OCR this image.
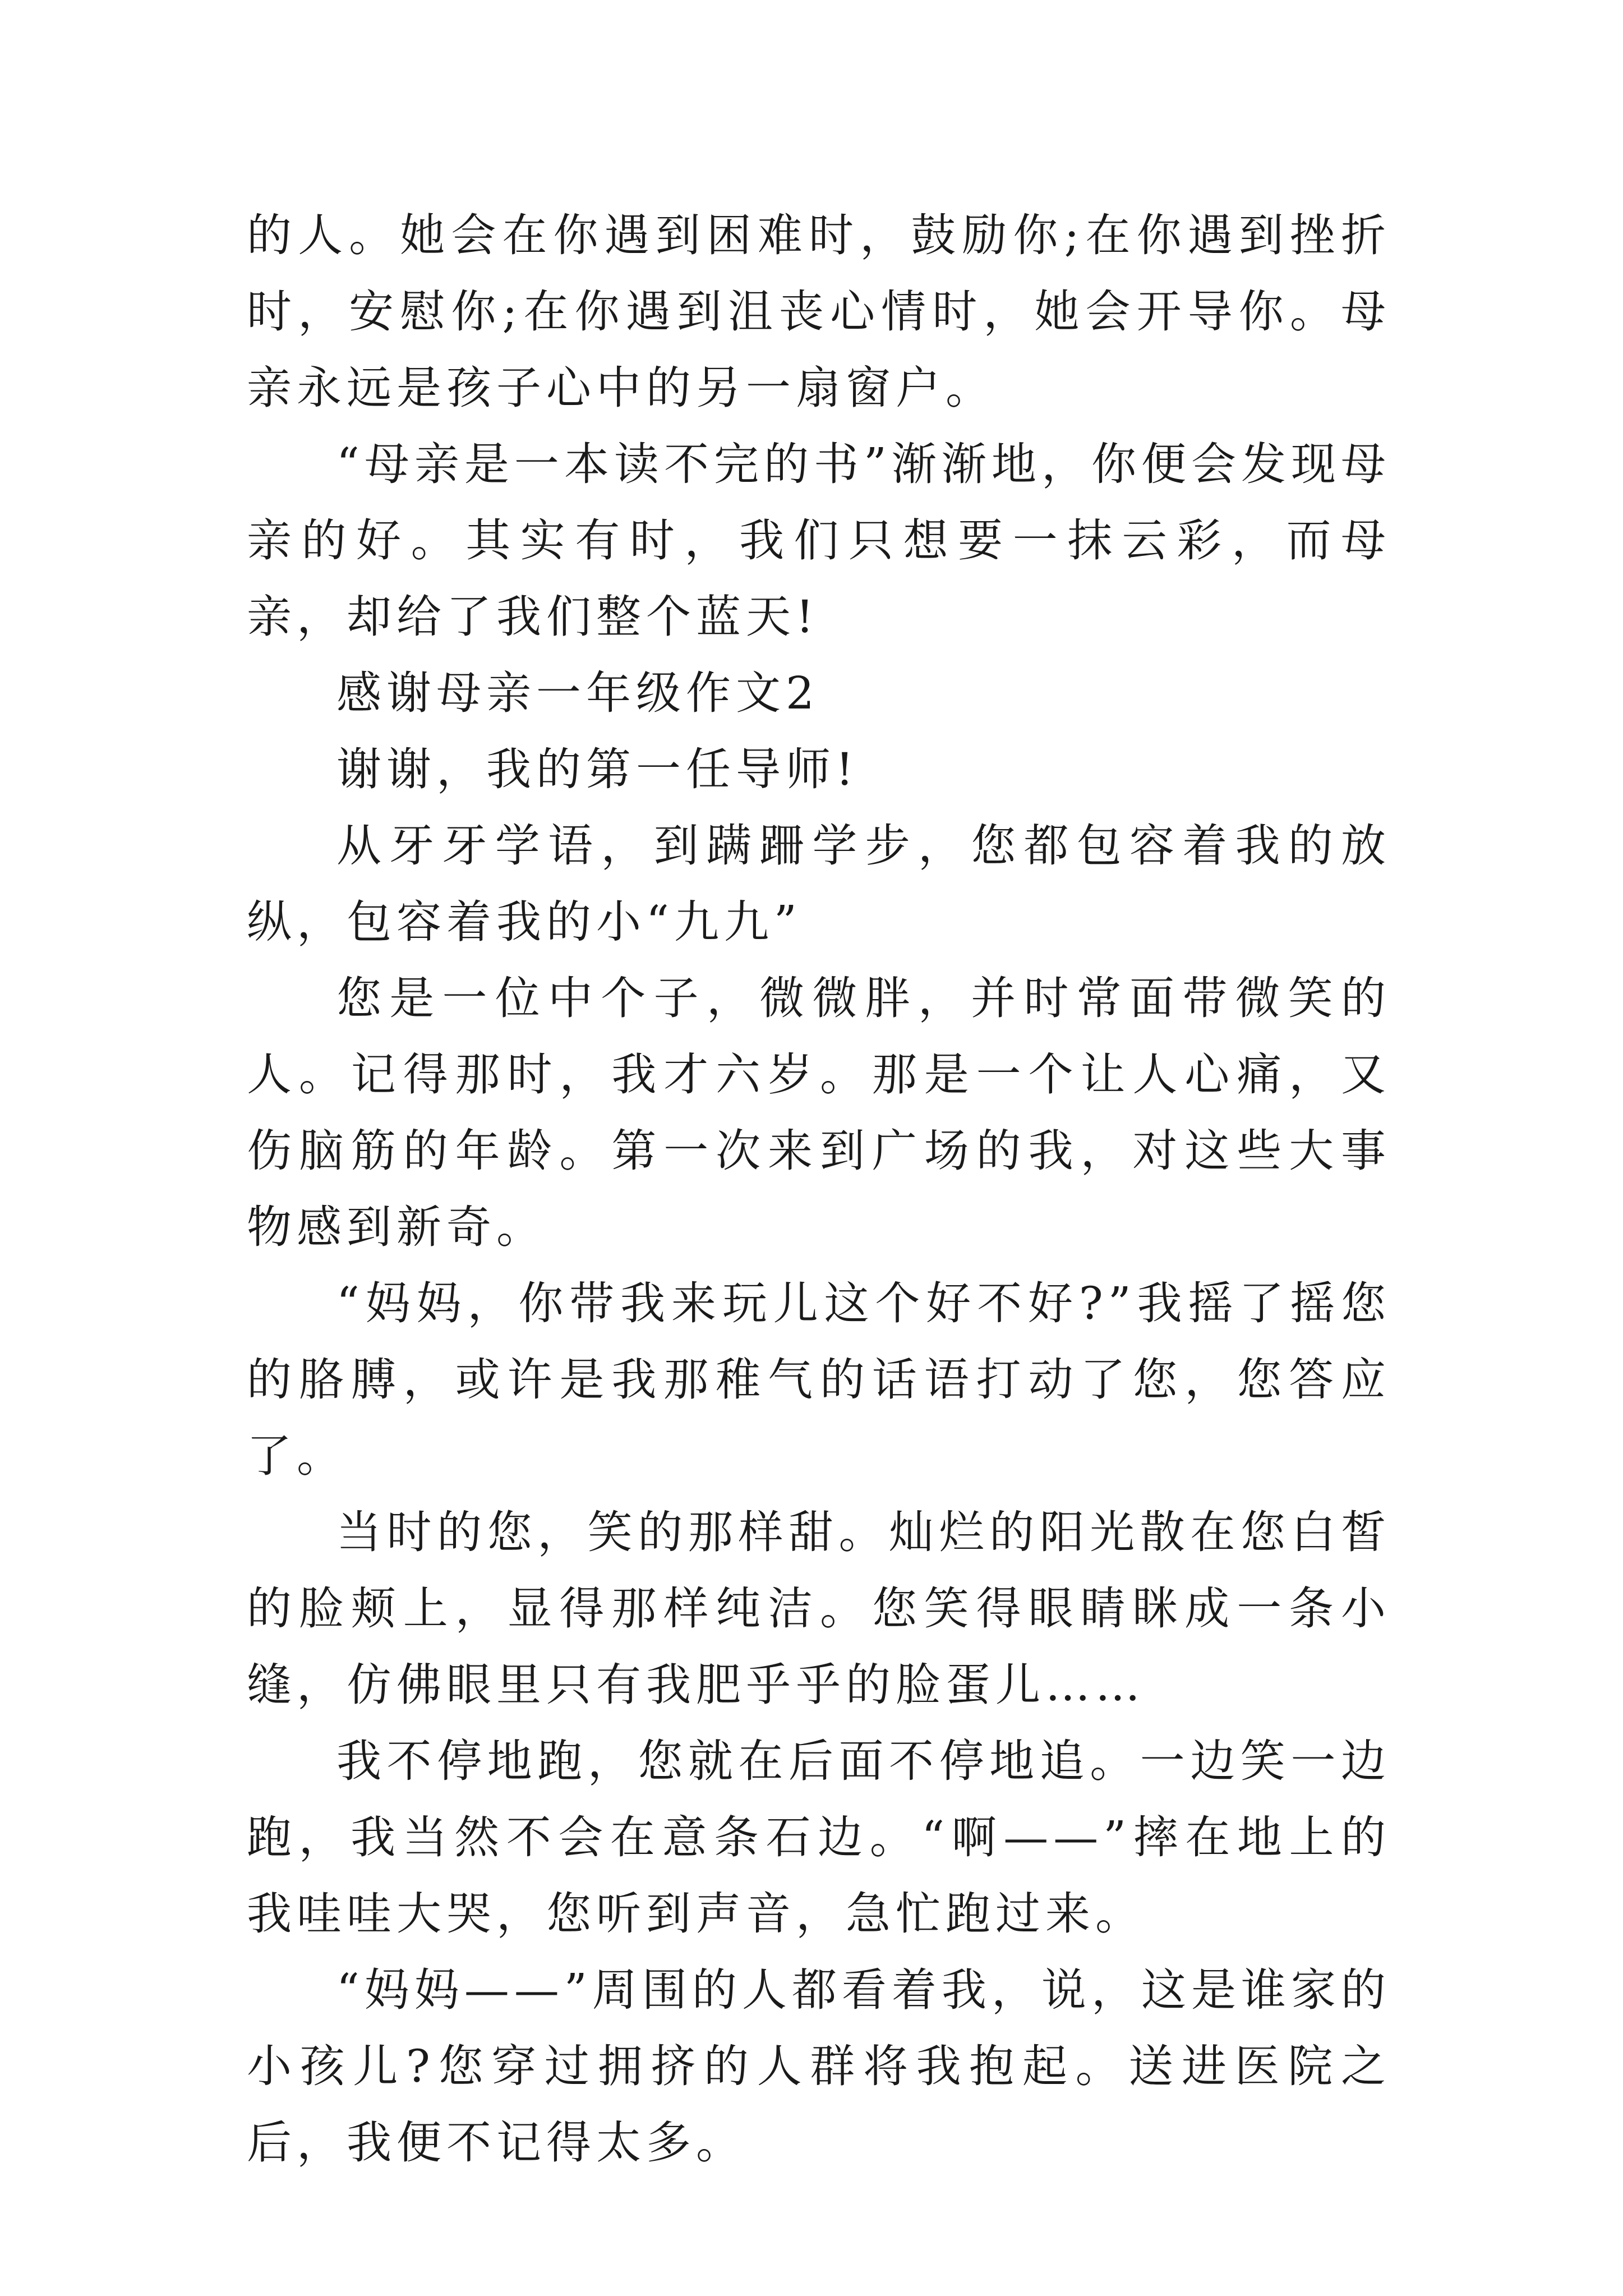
的人。她会在你遇到困难时，鼓励你;在你遇到挫折时，安慰你;在你遇到沮丧心情时，她会开导你。母亲永远是孩子心中的另一扇窗户。

“母亲是一本读不完的书”渐渐地，你便会发现母亲的好。其实有时，我们只想要一抹云彩，而母亲，却给了我们整个蓝天!

感谢母亲一年级作文2

谢谢，我的第一任导师!

从牙牙学语，到蹒跚学步，您都包容着我的放纵，包容着我的小“九九”

您是一位中个子，微微胖，并时常面带微笑的人。记得那时，我才六岁。那是一个让人心痛，又伤脑筋的年龄。第一次来到广场的我，对这些大事物感到新奇。

“妈妈，你带我来玩儿这个好不好?”我摇了摇您的胳膊，或许是我那稚气的话语打动了您，您答应了。

当时的您，笑的那样甜。灿烂的阳光散在您白皙的脸颊上，显得那样纯洁。您笑得眼睛眯成一条小缝，仿佛眼里只有我肥乎乎的脸蛋儿……

我不停地跑，您就在后面不停地追。一边笑一边跑，我当然不会在意条石边。“啊——”摔在地上的我哇哇大哭，您听到声音，急忙跑过来。

“妈妈——”周围的人都看着我，说，这是谁家的小孩儿?您穿过拥挤的人群将我抱起。送进医院之后，我便不记得太多。
